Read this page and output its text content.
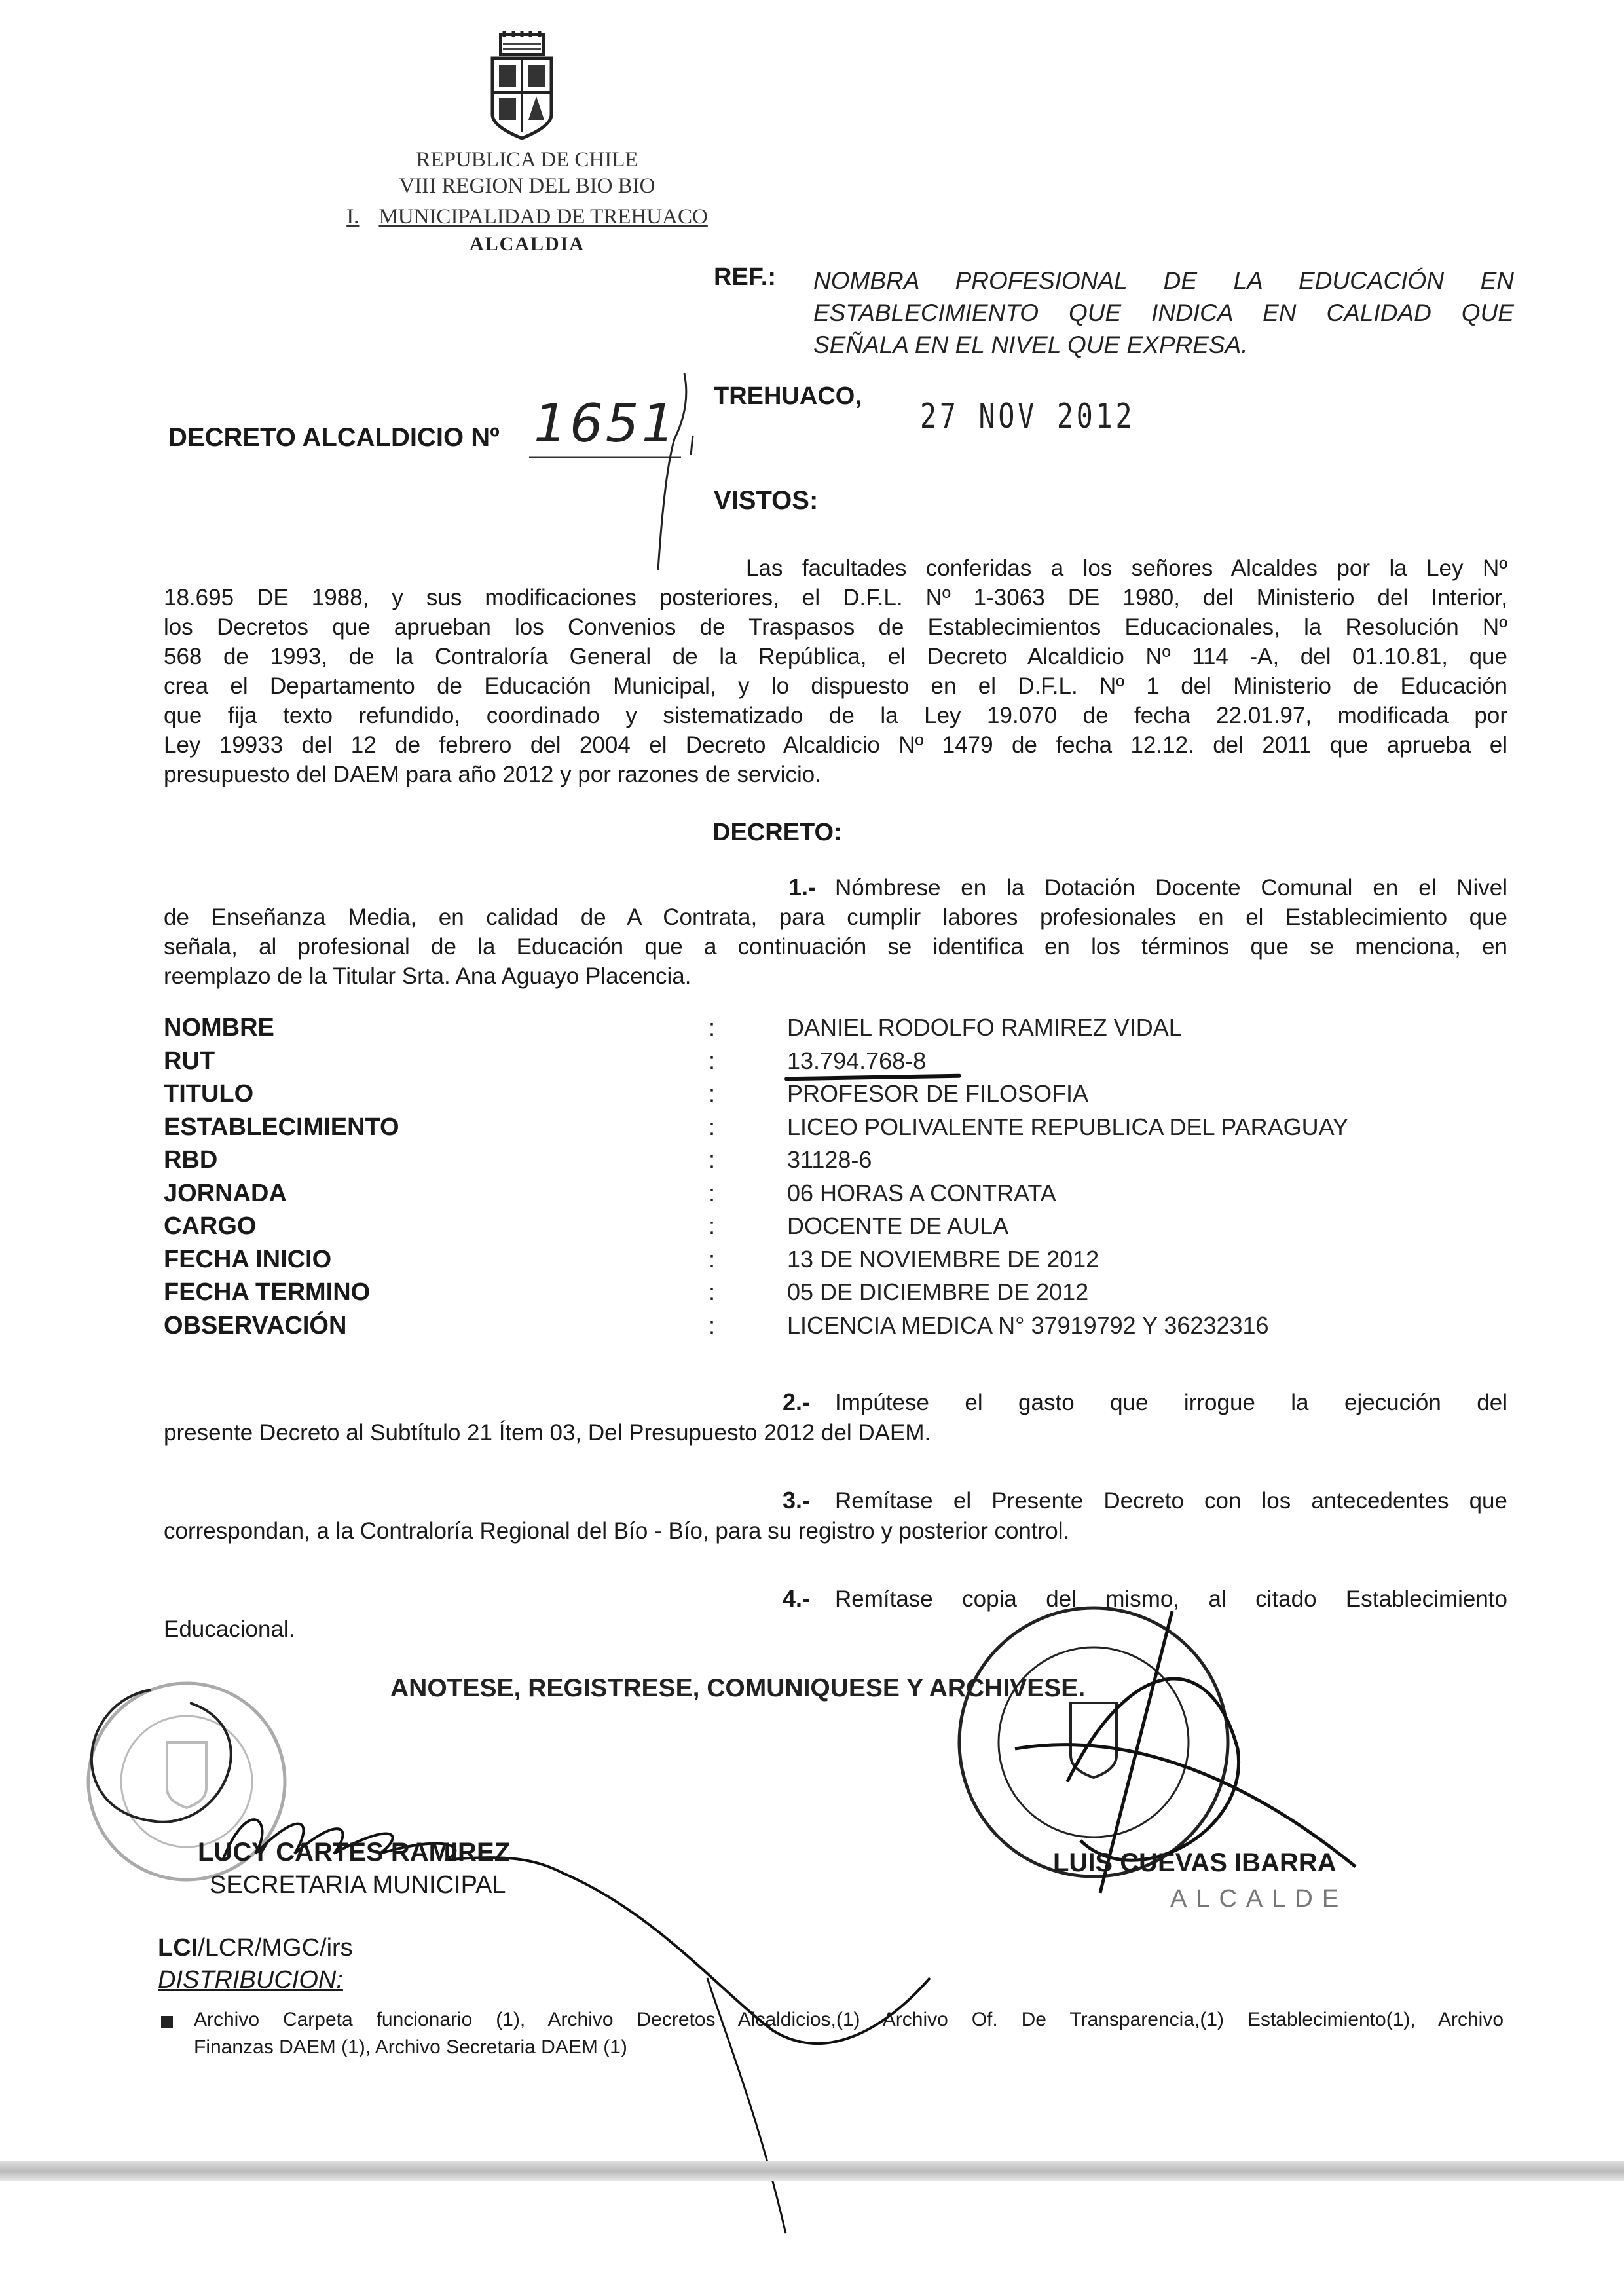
REPUBLICA DE CHILE
VIII REGION DEL BIO BIO
I. MUNICIPALIDAD DE TREHUACO
ALCALDIA
REF.: NOMBRA PROFESIONAL DE LA EDUCACIÓN EN
ESTABLECIMIENTO QUE INDICA EN CALIDAD QUE
SEÑALA EN EL NIVEL QUE EXPRESA.
TREHUACO,
27 NOV 2012
DECRETO ALCALDICIO Nº 1651
VISTOS:
Las facultades conferidas a los señores Alcaldes por la Ley Nº
18.695 DE 1988, y sus modificaciones posteriores, el D.F.L. Nº 1-3063 DE 1980, del Ministerio del Interior,
los Decretos que aprueban los Convenios de Traspasos de Establecimientos Educacionales, la Resolución Nº
568 de 1993, de la Contraloría General de la República, el Decreto Alcaldicio Nº 114 -A, del 01.10.81, que
crea el Departamento de Educación Municipal, y lo dispuesto en el D.F.L. Nº 1 del Ministerio de Educación
que fija texto refundido, coordinado y sistematizado de la Ley 19.070 de fecha 22.01.97, modificada por
Ley 19933 del 12 de febrero del 2004 el Decreto Alcaldicio Nº 1479 de fecha 12.12. del 2011 que aprueba el
presupuesto del DAEM para año 2012 y por razones de servicio.
DECRETO:
1.- Nómbrese en la Dotación Docente Comunal en el Nivel
de Enseñanza Media, en calidad de A Contrata, para cumplir labores profesionales en el Establecimiento que
señala, al profesional de la Educación que a continuación se identifica en los términos que se menciona, en
reemplazo de la Titular Srta. Ana Aguayo Placencia.
NOMBRE	:	DANIEL RODOLFO RAMIREZ VIDAL
RUT	:	13.794.768-8
TITULO	:	PROFESOR DE FILOSOFIA
ESTABLECIMIENTO	:	LICEO POLIVALENTE REPUBLICA DEL PARAGUAY
RBD	:	31128-6
JORNADA	:	06 HORAS A CONTRATA
CARGO	:	DOCENTE DE AULA
FECHA INICIO	:	13 DE NOVIEMBRE DE 2012
FECHA TERMINO	:	05 DE DICIEMBRE DE 2012
OBSERVACIÓN	:	LICENCIA MEDICA N° 37919792 Y 36232316
2.- Impútese el gasto que irrogue la ejecución del
presente Decreto al Subtítulo 21 Ítem 03, Del Presupuesto 2012 del DAEM.
3.- Remítase el Presente Decreto con los antecedentes que
correspondan, a la Contraloría Regional del Bío - Bío, para su registro y posterior control.
4.- Remítase copia del mismo, al citado Establecimiento
Educacional.
ANOTESE, REGISTRESE, COMUNIQUESE Y ARCHIVESE.
LUCY CARTES RAMIREZ
SECRETARIA MUNICIPAL
LUIS CUEVAS IBARRA
ALCALDE
LCI/LCR/MGC/irs
DISTRIBUCION:
Archivo Carpeta funcionario (1), Archivo Decretos Alcaldicios,(1) Archivo Of. De Transparencia,(1) Establecimiento(1), Archivo
Finanzas DAEM (1), Archivo Secretaria DAEM (1)
